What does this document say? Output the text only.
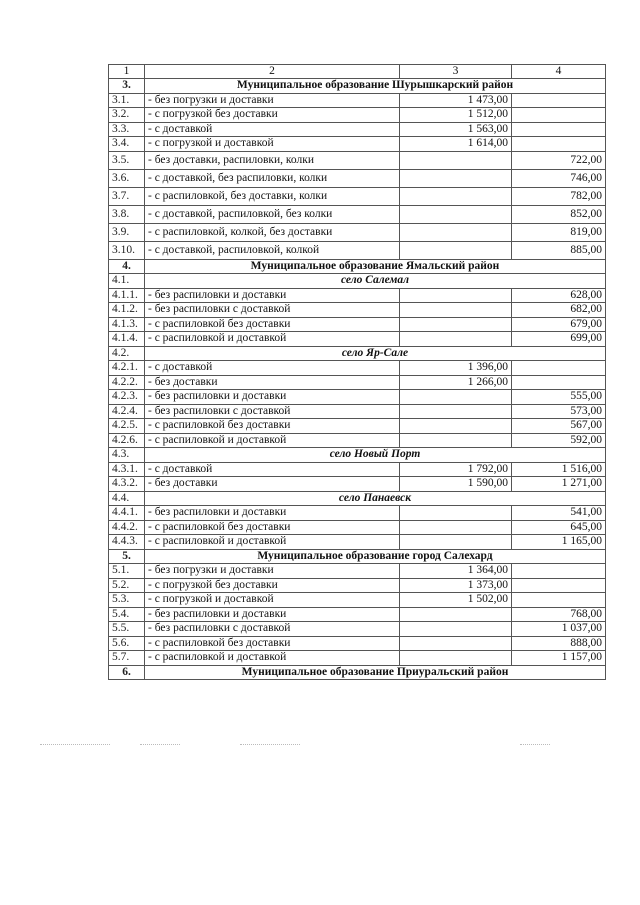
1	2	3	4
3.	Муниципальное образование Шурышкарский район		
3.1.	- без погрузки и доставки	1 473,00	
3.2.	- с погрузкой без доставки	1 512,00	
3.3.	- с доставкой	1 563,00	
3.4.	- с погрузкой и доставкой	1 614,00	
3.5.	- без доставки, распиловки, колки		722,00
3.6.	- с доставкой, без распиловки, колки		746,00
3.7.	- с распиловкой, без доставки, колки		782,00
3.8.	- с доставкой, распиловкой, без колки		852,00
3.9.	- с распиловкой, колкой, без доставки		819,00
3.10.	- с доставкой, распиловкой, колкой		885,00
4.	Муниципальное образование Ямальский район		
4.1.	село Салемал		
4.1.1.	- без распиловки и доставки		628,00
4.1.2.	- без распиловки с доставкой		682,00
4.1.3.	- с распиловкой без доставки		679,00
4.1.4.	- с распиловкой и доставкой		699,00
4.2.	село Яр-Сале		
4.2.1.	- с доставкой	1 396,00	
4.2.2.	- без доставки	1 266,00	
4.2.3.	- без распиловки и доставки		555,00
4.2.4.	- без распиловки с доставкой		573,00
4.2.5.	- с распиловкой без доставки		567,00
4.2.6.	- с распиловкой и доставкой		592,00
4.3.	село Новый Порт		
4.3.1.	- с доставкой	1 792,00	1 516,00
4.3.2.	- без доставки	1 590,00	1 271,00
4.4.	село Панаевск		
4.4.1.	- без распиловки и доставки		541,00
4.4.2.	- с распиловкой без доставки		645,00
4.4.3.	- с распиловкой и доставкой		1 165,00
5.	Муниципальное образование город Салехард		
5.1.	- без погрузки и доставки	1 364,00	
5.2.	- с погрузкой без доставки	1 373,00	
5.3.	- с погрузкой и доставкой	1 502,00	
5.4.	- без распиловки и доставки		768,00
5.5.	- без распиловки с доставкой		1 037,00
5.6.	- с распиловкой без доставки		888,00
5.7.	- с распиловкой и доставкой		1 157,00
6.	Муниципальное образование Приуральский район		
